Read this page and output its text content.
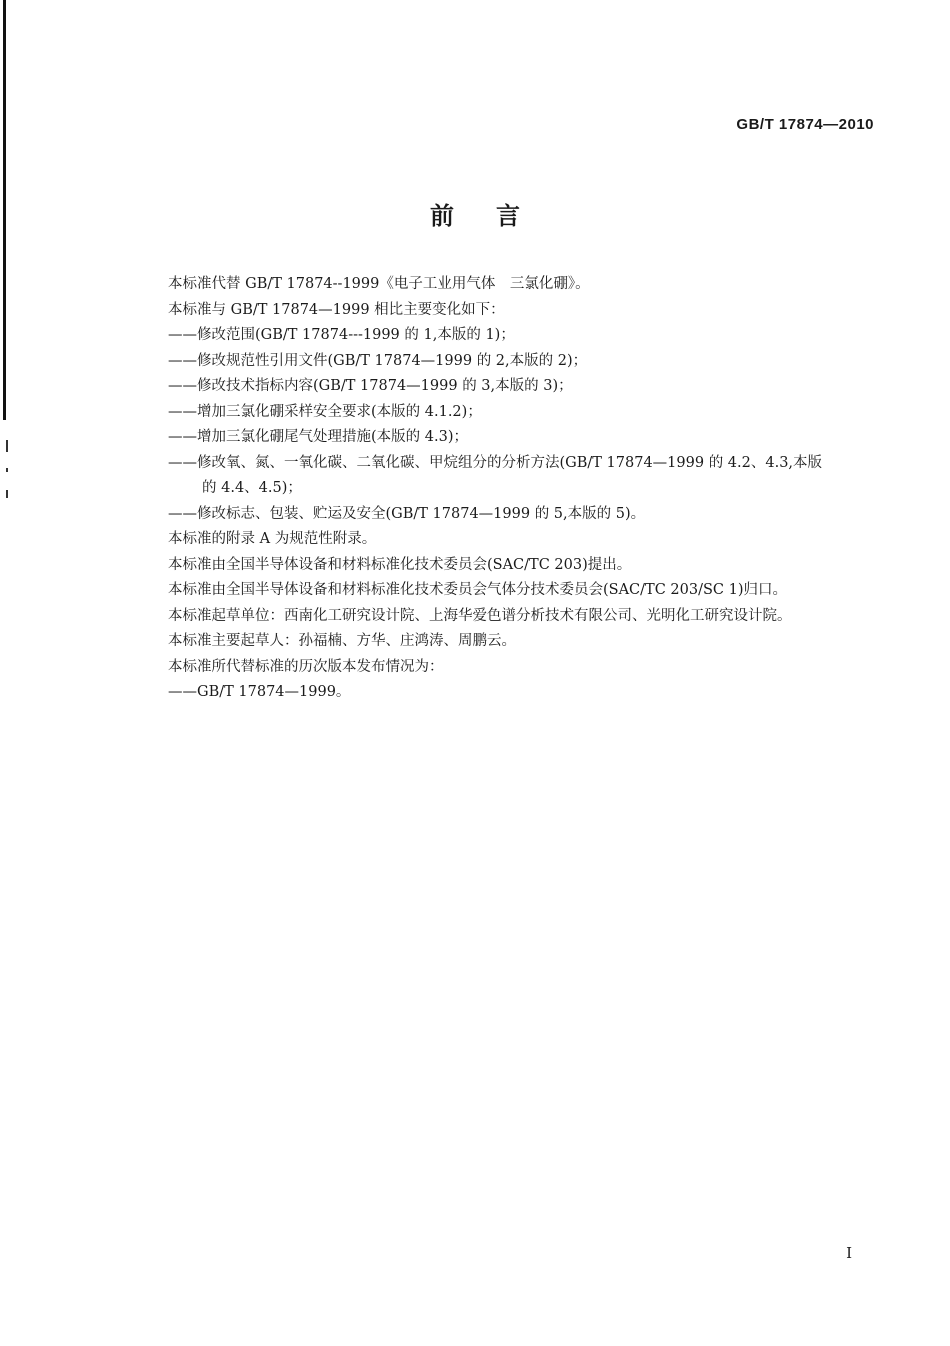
GB/T 17874—2010
前言
本标准代替 GB/T 17874--1999《电子工业用气体　三氯化硼》。
本标准与 GB/T 17874—1999 相比主要变化如下：
——修改范围(GB/T 17874---1999 的 1,本版的 1)；
——修改规范性引用文件(GB/T 17874—1999 的 2,本版的 2)；
——修改技术指标内容(GB/T 17874—1999 的 3,本版的 3)；
——增加三氯化硼采样安全要求(本版的 4.1.2)；
——增加三氯化硼尾气处理措施(本版的 4.3)；
——修改氧、氮、一氧化碳、二氧化碳、甲烷组分的分析方法(GB/T 17874—1999 的 4.2、4.3,本版
的 4.4、4.5)；
——修改标志、包装、贮运及安全(GB/T 17874—1999 的 5,本版的 5)。
本标准的附录 A 为规范性附录。
本标准由全国半导体设备和材料标准化技术委员会(SAC/TC 203)提出。
本标准由全国半导体设备和材料标准化技术委员会气体分技术委员会(SAC/TC 203/SC 1)归口。
本标准起草单位：西南化工研究设计院、上海华爱色谱分析技术有限公司、光明化工研究设计院。
本标准主要起草人：孙福楠、方华、庄鸿涛、周鹏云。
本标准所代替标准的历次版本发布情况为：
——GB/T 17874—1999。
I
